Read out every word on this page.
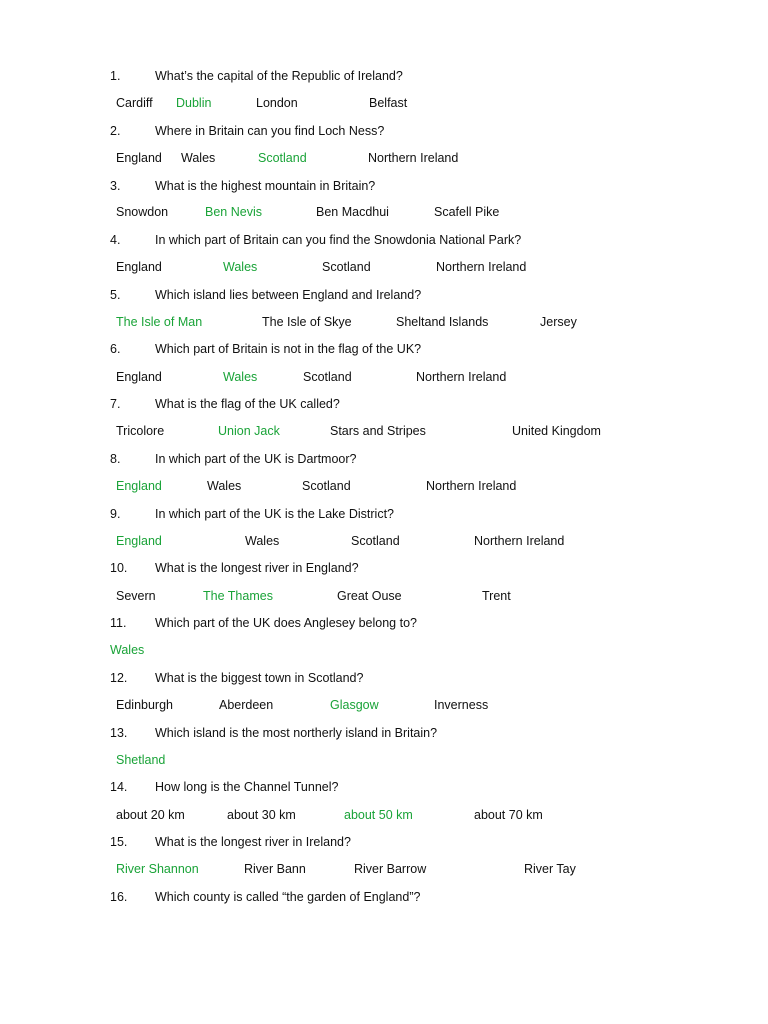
1.	What’s the capital of the Republic of Ireland?
Cardiff Dublin	London	Belfast
2.	Where in Britain can you find Loch Ness?
England Wales	Scotland	Northern Ireland
3.	What is the highest mountain in Britain?
Snowdon	Ben Nevis	Ben Macdhui	Scafell Pike
4.	In which part of Britain can you find the Snowdonia National Park?
England	Wales	Scotland	Northern Ireland
5.	Which island lies between England and Ireland?
The Isle of Man	The Isle of Skye	Sheltand Islands	Jersey
6.	Which part of Britain is not in the flag of the UK?
England	Wales	Scotland	Northern Ireland
7.	What is the flag of the UK called?
Tricolore	Union Jack	Stars and Stripes	United Kingdom
8.	In which part of the UK is Dartmoor?
England	Wales	Scotland	Northern Ireland
9.	In which part of the UK is the Lake District?
England	Wales	Scotland	Northern Ireland
10. What is the longest river in England?
Severn	The Thames	Great Ouse	Trent
11. Which part of the UK does Anglesey belong to?
Wales
12. What is the biggest town in Scotland?
Edinburgh	Aberdeen	Glasgow	Inverness
13. Which island is the most northerly island in Britain?
Shetland
14. How long is the Channel Tunnel?
about 20 km	about 30 km	about 50 km	about 70 km
15. What is the longest river in Ireland?
River Shannon	River Bann	River Barrow	River Tay
16. Which county is called “the garden of England”?
